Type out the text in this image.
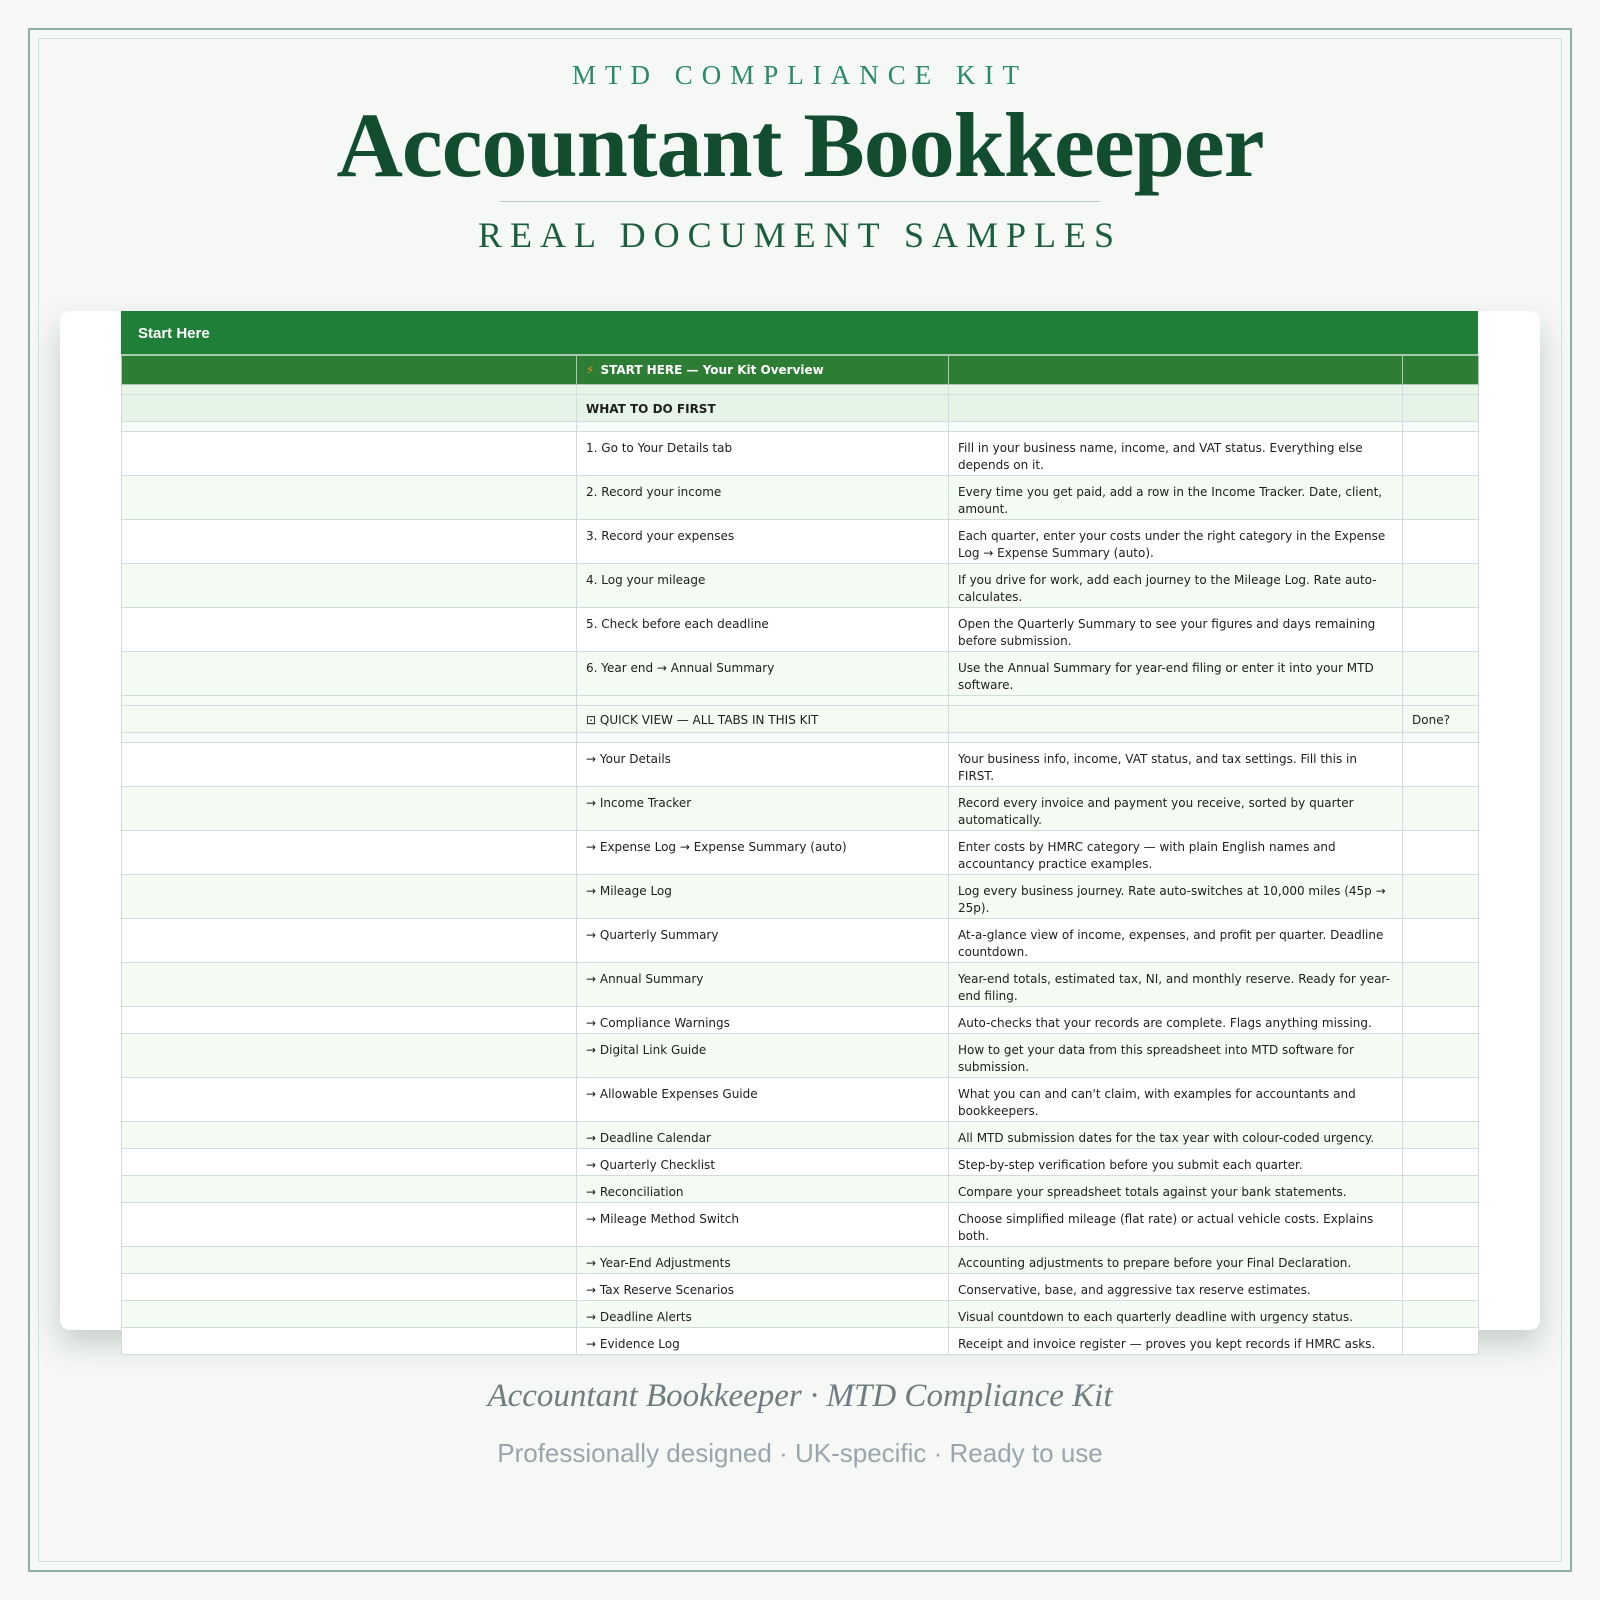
MTD COMPLIANCE KIT
Accountant Bookkeeper
REAL DOCUMENT SAMPLES
Start Here
	⚡ START HERE — Your Kit Overview		

	WHAT TO DO FIRST		

	1. Go to Your Details tab	Fill in your business name, income, and VAT status. Everything else depends on it.	
	2. Record your income	Every time you get paid, add a row in the Income Tracker. Date, client, amount.	
	3. Record your expenses	Each quarter, enter your costs under the right category in the Expense Log → Expense Summary (auto).	
	4. Log your mileage	If you drive for work, add each journey to the Mileage Log. Rate auto-calculates.	
	5. Check before each deadline	Open the Quarterly Summary to see your figures and days remaining before submission.	
	6. Year end → Annual Summary	Use the Annual Summary for year-end filing or enter it into your MTD software.	

	⊡ QUICK VIEW — ALL TABS IN THIS KIT		Done?

	→ Your Details	Your business info, income, VAT status, and tax settings. Fill this in FIRST.	
	→ Income Tracker	Record every invoice and payment you receive, sorted by quarter automatically.	
	→ Expense Log → Expense Summary (auto)	Enter costs by HMRC category — with plain English names and accountancy practice examples.	
	→ Mileage Log	Log every business journey. Rate auto-switches at 10,000 miles (45p → 25p).	
	→ Quarterly Summary	At-a-glance view of income, expenses, and profit per quarter. Deadline countdown.	
	→ Annual Summary	Year-end totals, estimated tax, NI, and monthly reserve. Ready for year-end filing.	
	→ Compliance Warnings	Auto-checks that your records are complete. Flags anything missing.	
	→ Digital Link Guide	How to get your data from this spreadsheet into MTD software for submission.	
	→ Allowable Expenses Guide	What you can and can't claim, with examples for accountants and bookkeepers.	
	→ Deadline Calendar	All MTD submission dates for the tax year with colour-coded urgency.	
	→ Quarterly Checklist	Step-by-step verification before you submit each quarter.	
	→ Reconciliation	Compare your spreadsheet totals against your bank statements.	
	→ Mileage Method Switch	Choose simplified mileage (flat rate) or actual vehicle costs. Explains both.	
	→ Year-End Adjustments	Accounting adjustments to prepare before your Final Declaration.	
	→ Tax Reserve Scenarios	Conservative, base, and aggressive tax reserve estimates.	
	→ Deadline Alerts	Visual countdown to each quarterly deadline with urgency status.	
	→ Evidence Log	Receipt and invoice register — proves you kept records if HMRC asks.	
Accountant Bookkeeper · MTD Compliance Kit
Professionally designed · UK-specific · Ready to use
